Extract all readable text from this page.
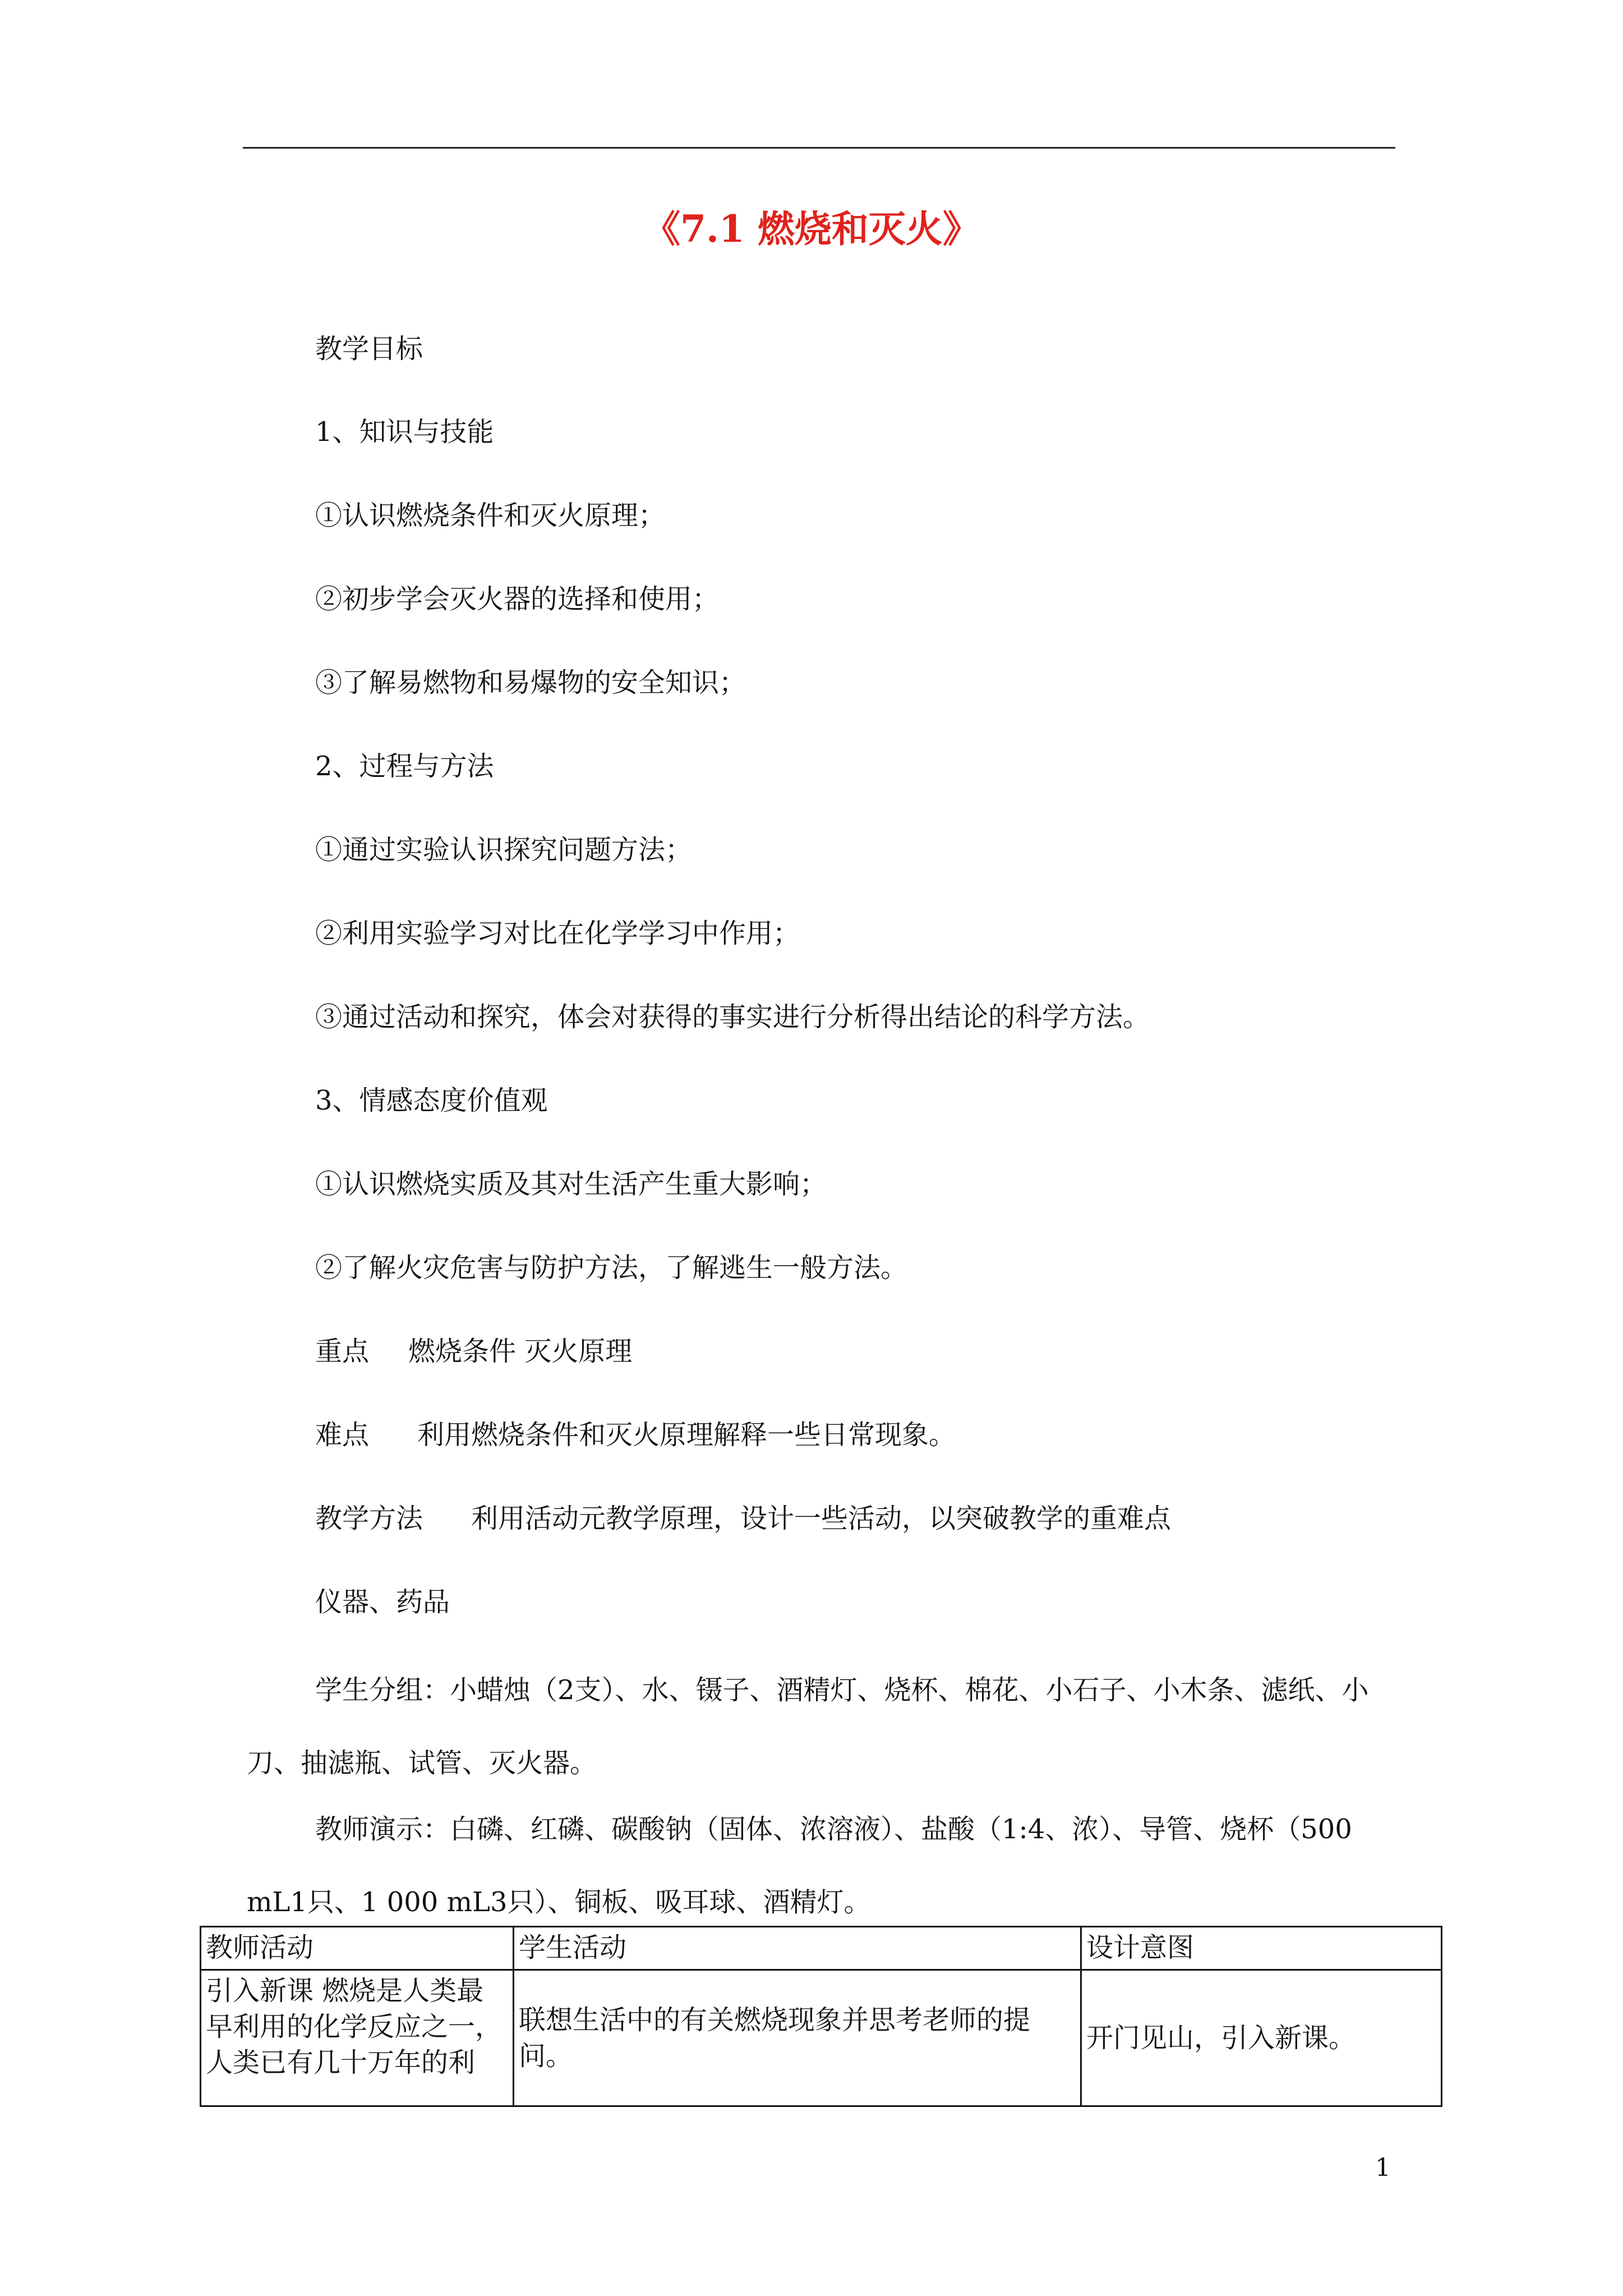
《7.1 燃烧和灭火》
教学目标
1、知识与技能
①认识燃烧条件和灭火原理；
②初步学会灭火器的选择和使用；
③了解易燃物和易爆物的安全知识；
2、过程与方法
①通过实验认识探究问题方法；
②利用实验学习对比在化学学习中作用；
③通过活动和探究，体会对获得的事实进行分析得出结论的科学方法。
3、情感态度价值观
①认识燃烧实质及其对生活产生重大影响；
②了解火灾危害与防护方法，了解逃生一般方法。
重点 燃烧条件 灭火原理
难点 利用燃烧条件和灭火原理解释一些日常现象。
教学方法 利用活动元教学原理，设计一些活动，以突破教学的重难点
仪器、药品
学生分组：小蜡烛（2支）、水、镊子、酒精灯、烧杯、棉花、小石子、小木条、滤纸、小刀、抽滤瓶、试管、灭火器。
教师演示：白磷、红磷、碳酸钠（固体、浓溶液）、盐酸（1:4、浓）、导管、烧杯（500 mL1只、1 000 mL3只）、铜板、吸耳球、酒精灯。
教师活动	学生活动	设计意图
引入新课 燃烧是人类最早利用的化学反应之一，人类已有几十万年的利	联想生活中的有关燃烧现象并思考老师的提问。	开门见山，引入新课。
1
